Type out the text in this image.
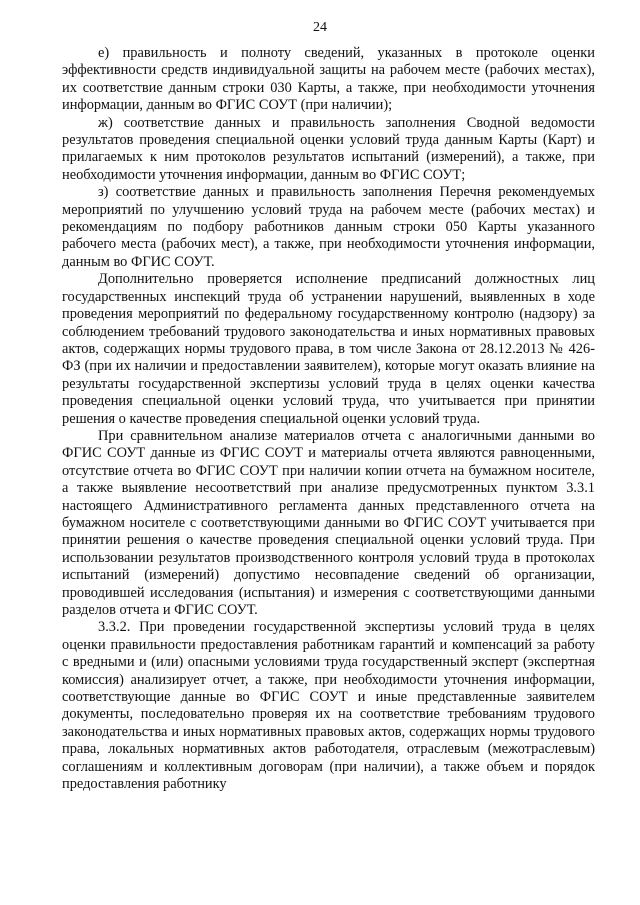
24

е) правильность и полноту сведений, указанных в протоколе оценки эффективности средств индивидуальной защиты на рабочем месте (рабочих местах), их соответствие данным строки 030 Карты, а также, при необходимости уточнения информации, данным во ФГИС СОУТ (при наличии);

ж) соответствие данных и правильность заполнения Сводной ведомости результатов проведения специальной оценки условий труда данным Карты (Карт) и прилагаемых к ним протоколов результатов испытаний (измерений), а также, при необходимости уточнения информации, данным во ФГИС СОУТ;

з) соответствие данных и правильность заполнения Перечня рекомендуемых мероприятий по улучшению условий труда на рабочем месте (рабочих местах) и рекомендациям по подбору работников данным строки 050 Карты указанного рабочего места (рабочих мест), а также, при необходимости уточнения информации, данным во ФГИС СОУТ.

Дополнительно проверяется исполнение предписаний должностных лиц государственных инспекций труда об устранении нарушений, выявленных в ходе проведения мероприятий по федеральному государственному контролю (надзору) за соблюдением требований трудового законодательства и иных нормативных правовых актов, содержащих нормы трудового права, в том числе Закона от 28.12.2013 № 426-ФЗ (при их наличии и предоставлении заявителем), которые могут оказать влияние на результаты государственной экспертизы условий труда в целях оценки качества проведения специальной оценки условий труда, что учитывается при принятии решения о качестве проведения специальной оценки условий труда.

При сравнительном анализе материалов отчета с аналогичными данными во ФГИС СОУТ данные из ФГИС СОУТ и материалы отчета являются равноценными, отсутствие отчета во ФГИС СОУТ при наличии копии отчета на бумажном носителе, а также выявление несоответствий при анализе предусмотренных пунктом 3.3.1 настоящего Административного регламента данных представленного отчета на бумажном носителе с соответствующими данными во ФГИС СОУТ учитывается при принятии решения о качестве проведения специальной оценки условий труда. При использовании результатов производственного контроля условий труда в протоколах испытаний (измерений) допустимо несовпадение сведений об организации, проводившей исследования (испытания) и измерения с соответствующими данными разделов отчета и ФГИС СОУТ.

3.3.2. При проведении государственной экспертизы условий труда в целях оценки правильности предоставления работникам гарантий и компенсаций за работу с вредными и (или) опасными условиями труда государственный эксперт (экспертная комиссия) анализирует отчет, а также, при необходимости уточнения информации, соответствующие данные во ФГИС СОУТ и иные представленные заявителем документы, последовательно проверяя их на соответствие требованиям трудового законодательства и иных нормативных правовых актов, содержащих нормы трудового права, локальных нормативных актов работодателя, отраслевым (межотраслевым) соглашениям и коллективным договорам (при наличии), а также объем и порядок предоставления работнику
